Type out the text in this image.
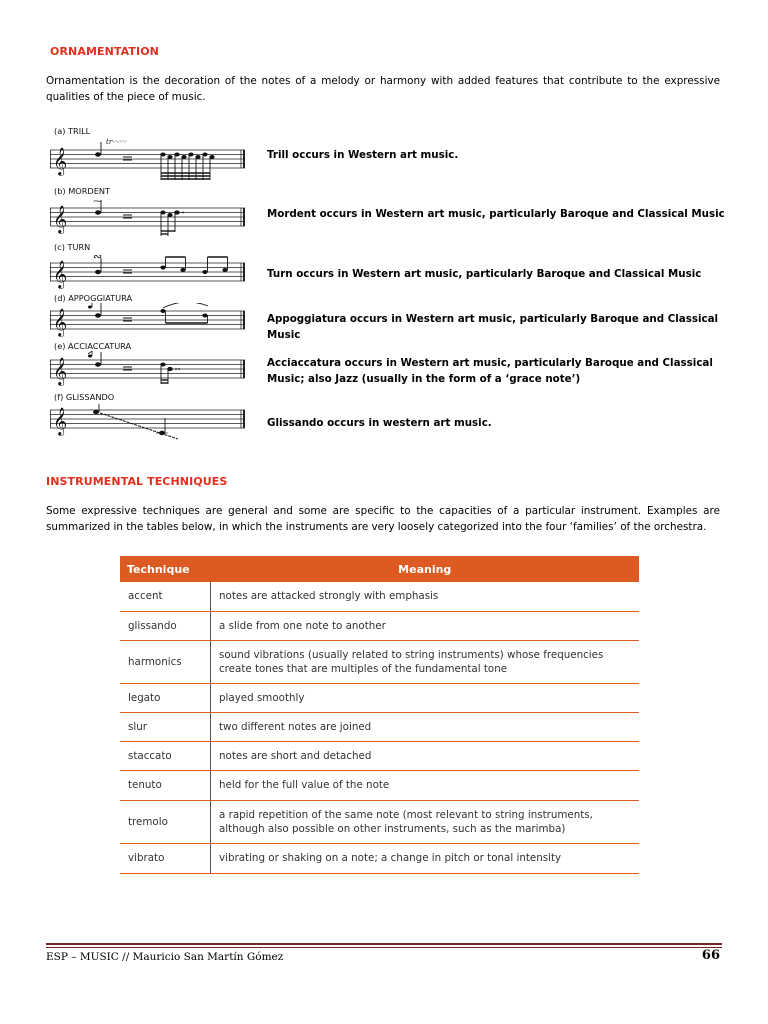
ORNAMENTATION
Ornamentation is the decoration of the notes of a melody or harmony with added features that contribute to the expressive qualities of the piece of music.
(a) TRILL
𝄞
tr〰〰
Trill occurs in Western art music.
(b) MORDENT
𝄞
⁓
Mordent occurs in Western art music, particularly Baroque and Classical Music
(c) TURN
𝄞
∾
Turn occurs in Western art music, particularly Baroque and Classical Music
(d) APPOGGIATURA
𝄞	Appoggiatura occurs in Western art music, particularly Baroque and Classical Music
(e) ACCIACCATURA
𝄞	Acciaccatura occurs in Western art music, particularly Baroque and Classical Music; also Jazz (usually in the form of a ‘grace note’)
(f) GLISSANDO
𝄞	Glissando occurs in western art music.
INSTRUMENTAL TECHNIQUES
Some expressive techniques are general and some are specific to the capacities of a particular instrument. Examples are summarized in the tables below, in which the instruments are very loosely categorized into the four ‘families’ of the orchestra.
Technique	Meaning
accent	notes are attacked strongly with emphasis
glissando	a slide from one note to another
harmonics	sound vibrations (usually related to string instruments) whose frequencies create tones that are multiples of the fundamental tone
legato	played smoothly
slur	two different notes are joined
staccato	notes are short and detached
tenuto	held for the full value of the note
tremolo	a rapid repetition of the same note (most relevant to string instruments, although also possible on other instruments, such as the marimba)
vibrato	vibrating or shaking on a note; a change in pitch or tonal intensity
ESP – MUSIC // Mauricio San Martín Gómez	66
